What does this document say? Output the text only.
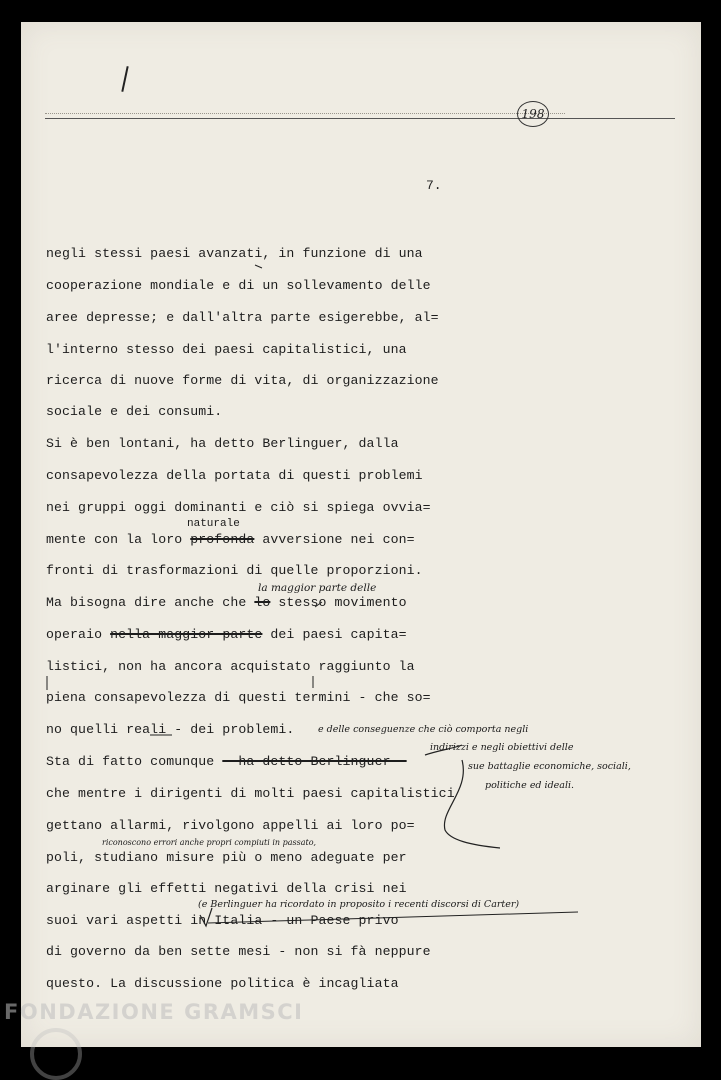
198
7.
negli stessi paesi avanzati, in funzione di una
cooperazione mondiale e di un sollevamento delle
aree depresse; e dall'altra parte esigerebbe, al=
l'interno stesso dei paesi capitalistici, una
ricerca di nuove forme di vita, di organizzazione
sociale e dei consumi.
Si è ben lontani, ha detto Berlinguer, dalla
consapevolezza della portata di questi problemi
nei gruppi oggi dominanti e ciò si spiega ovvia=
mente con la loro profonda avversione nei con=
fronti di trasformazioni di quelle proporzioni.
Ma bisogna dire anche che lo stesso movimento
operaio nella maggior parte dei paesi capita=
listici, non ha ancora acquistato raggiunto la
piena consapevolezza di questi termini - che so=
no quelli reali - dei problemi.
Sta di fatto comunque - ha detto Berlinguer -
che mentre i dirigenti di molti paesi capitalistici
gettano allarmi, rivolgono appelli ai loro po=
poli, studiano misure più o meno adeguate per
arginare gli effetti negativi della crisi nei
suoi vari aspetti in Italia - un Paese privo
di governo da ben sette mesi - non si fà neppure
questo. La discussione politica è incagliata
naturale
la maggior parte delle
e delle conseguenze che ciò comporta negli
indirizzi e negli obiettivi delle
sue battaglie economiche, sociali,
politiche ed ideali.
riconoscono errori anche propri compiuti in passato,
(e Berlinguer ha ricordato in proposito i recenti discorsi di Carter)
FONDAZIONE GRAMSCI
